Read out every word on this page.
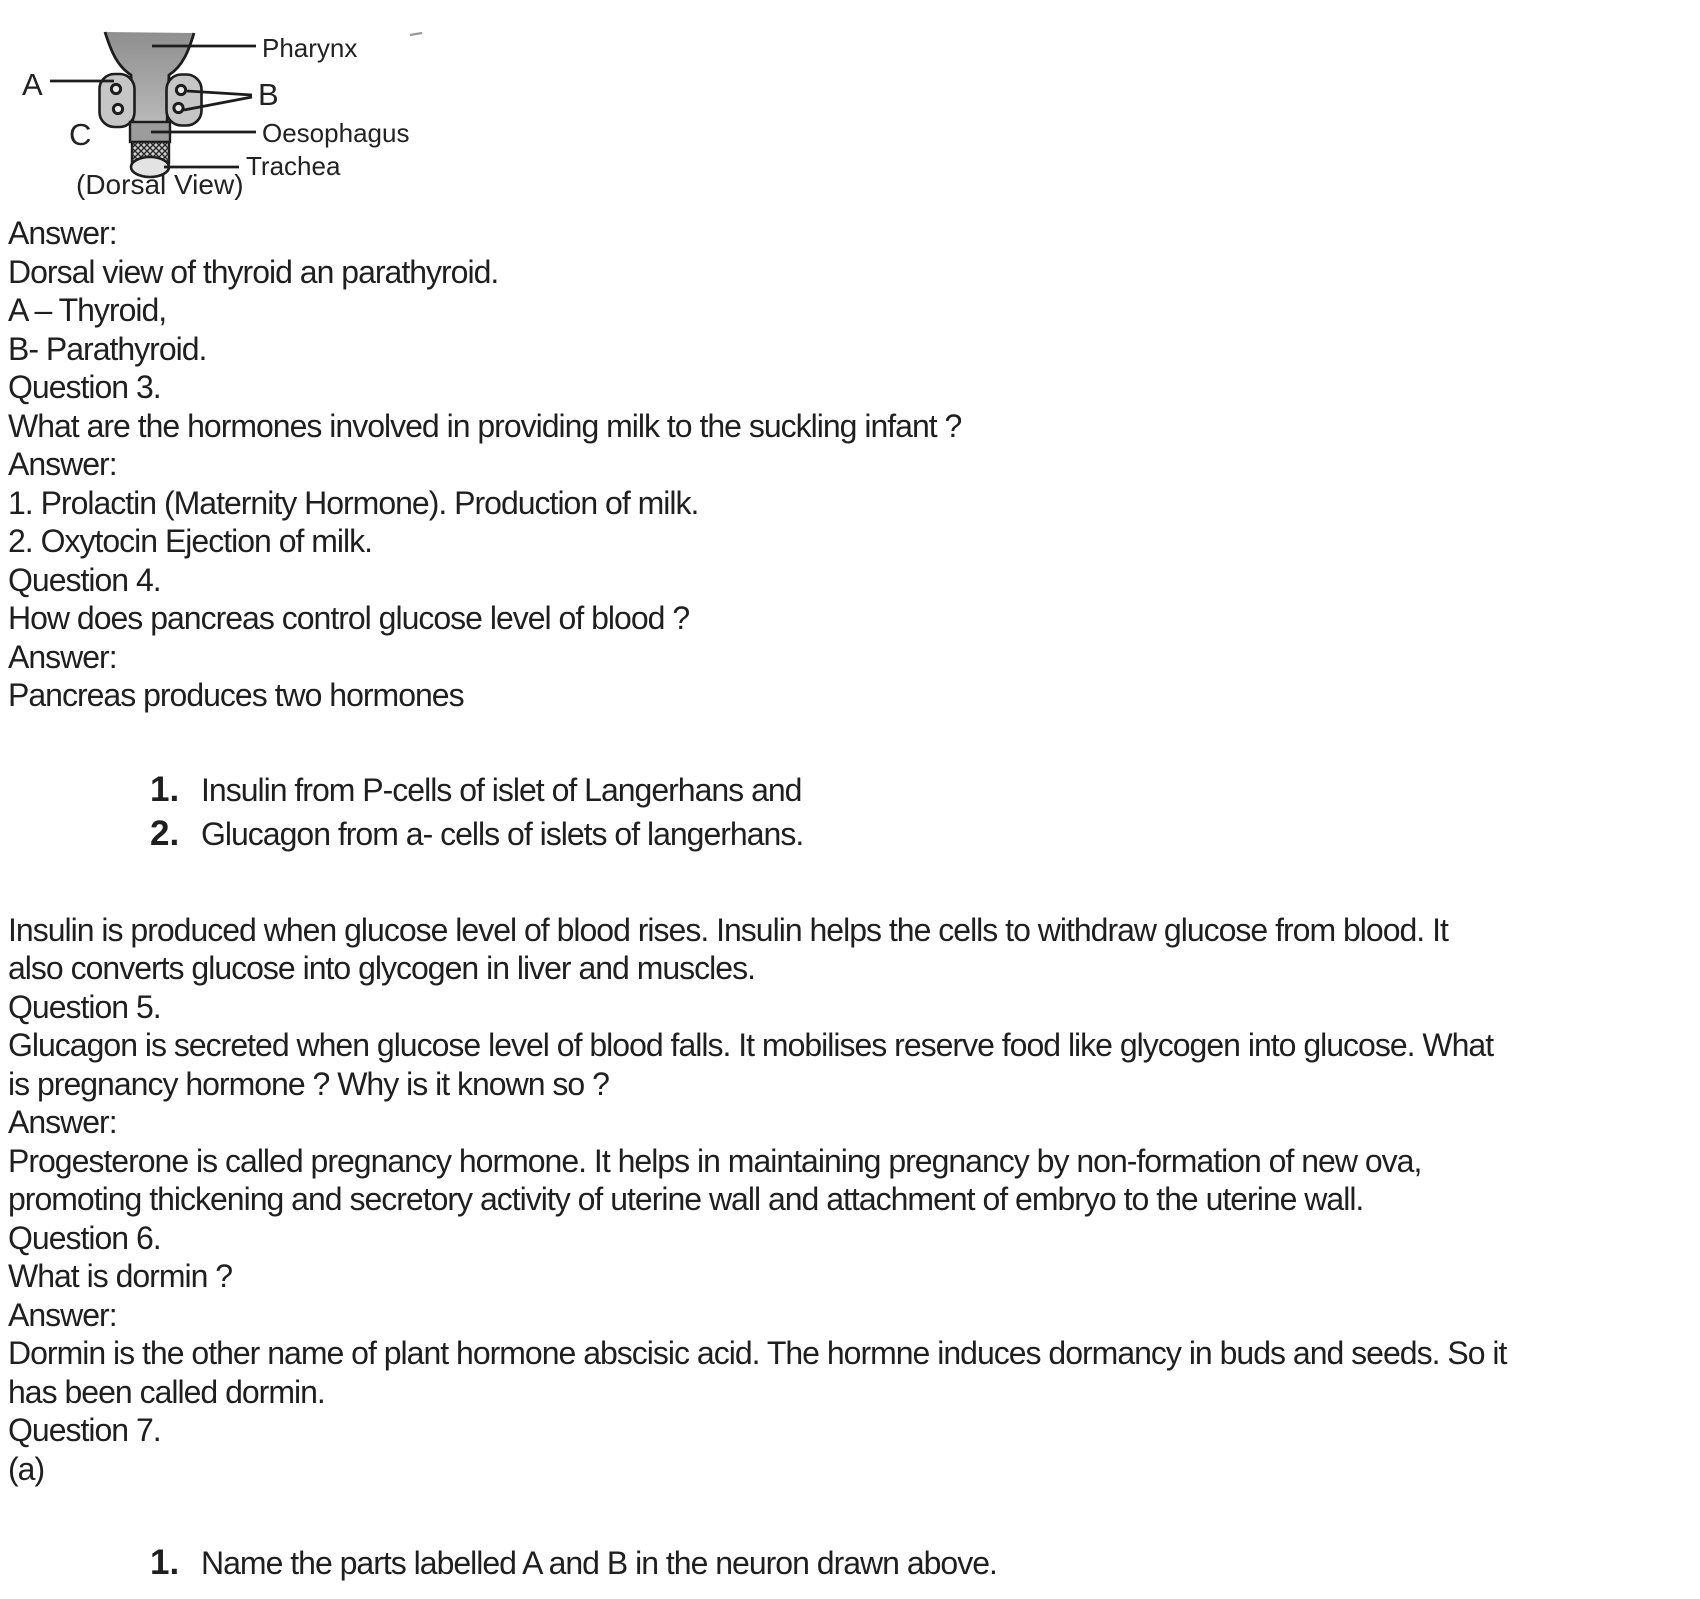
Pharynx
A	B
C	Oesophagus
Trachea
(Dorsal View)
Answer:
Dorsal view of thyroid an parathyroid.
A – Thyroid,
B- Parathyroid.
Question 3.
What are the hormones involved in providing milk to the suckling infant ?
Answer:
1. Prolactin (Maternity Hormone). Production of milk.
2. Oxytocin Ejection of milk.
Question 4.
How does pancreas control glucose level of blood ?
Answer:
Pancreas produces two hormones
1. Insulin from P-cells of islet of Langerhans and
2. Glucagon from a- cells of islets of langerhans.
Insulin is produced when glucose level of blood rises. Insulin helps the cells to withdraw glucose from blood. It
also converts glucose into glycogen in liver and muscles.
Question 5.
Glucagon is secreted when glucose level of blood falls. It mobilises reserve food like glycogen into glucose. What
is pregnancy hormone ? Why is it known so ?
Answer:
Progesterone is called pregnancy hormone. It helps in maintaining pregnancy by non-formation of new ova,
promoting thickening and secretory activity of uterine wall and attachment of embryo to the uterine wall.
Question 6.
What is dormin ?
Answer:
Dormin is the other name of plant hormone abscisic acid. The hormne induces dormancy in buds and seeds. So it
has been called dormin.
Question 7.
(a)
1. Name the parts labelled A and B in the neuron drawn above.
